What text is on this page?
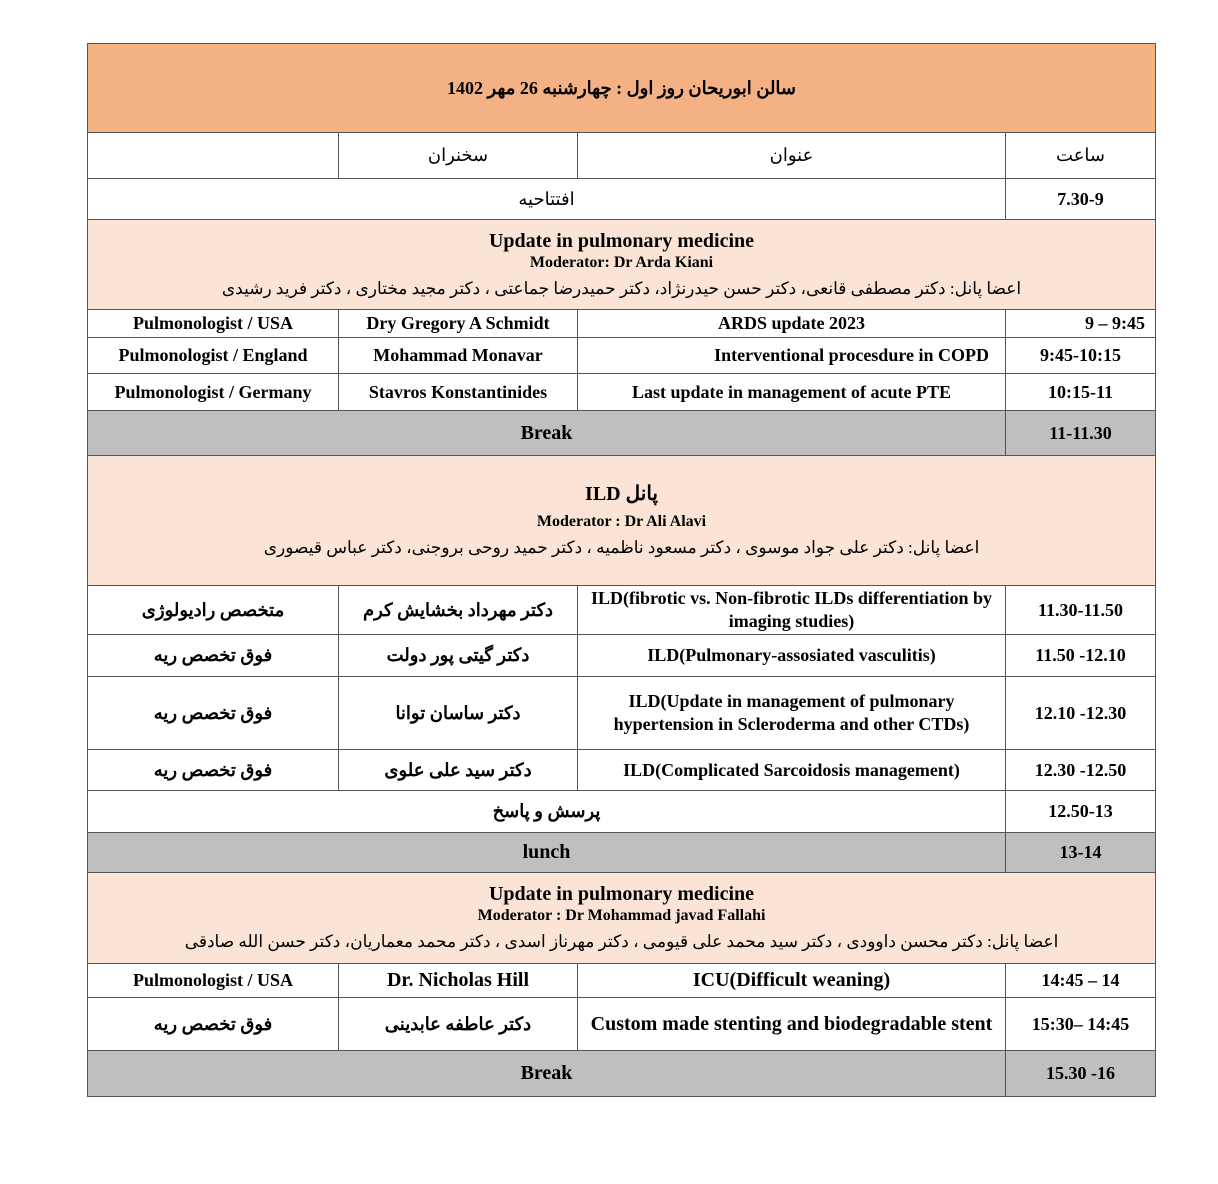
سالن ابوریحان روز اول : چهارشنبه 26 مهر 1402			
	سخنران	عنوان	ساعت
افتتاحیه			7.30-9

Update in pulmonary medicine
Moderator: Dr Arda Kiani
اعضا پانل: دکتر مصطفی قانعی، دکتر حسن حیدرنژاد، دکتر حمیدرضا جماعتی ، دکتر مجید مختاری ، دکتر فرید رشیدی			

Pulmonologist / USA	Dry Gregory A Schmidt	ARDS update 2023	9 – 9:45
Pulmonologist / England	Mohammad Monavar	Interventional procesdure in COPD	9:45-10:15
Pulmonologist / Germany	Stavros Konstantinides	Last update in management of acute PTE	10:15-11
Break			11-11.30

پانل ILD
Moderator : Dr Ali Alavi
اعضا پانل: دکتر علی جواد موسوی ، دکتر مسعود ناظمیه ، دکتر حمید روحی بروجنی، دکتر عباس قیصوری			

متخصص رادیولوژی	دکتر مهرداد بخشایش کرم	ILD(fibrotic vs. Non-fibrotic ILDs differentiation by imaging studies)	11.30-11.50
فوق تخصص ریه	دکتر گیتی پور دولت	ILD(Pulmonary-assosiated vasculitis)	11.50 -12.10
فوق تخصص ریه	دکتر ساسان توانا	ILD(Update in management of pulmonary hypertension in Scleroderma and other CTDs)	12.10 -12.30
فوق تخصص ریه	دکتر سید علی علوی	ILD(Complicated Sarcoidosis management)	12.30 -12.50
پرسش و پاسخ			12.50-13
lunch			13-14

Update in pulmonary medicine
Moderator : Dr Mohammad javad Fallahi
اعضا پانل: دکتر محسن داوودی ، دکتر سید محمد علی قیومی ، دکتر مهرناز اسدی ، دکتر محمد معماریان، دکتر حسن الله صادقی			

Pulmonologist / USA	Dr. Nicholas Hill	ICU(Difficult weaning)	14:45 – 14
فوق تخصص ریه	دکتر عاطفه عابدینی	Custom made stenting and biodegradable stent	15:30– 14:45
Break			15.30 -16
